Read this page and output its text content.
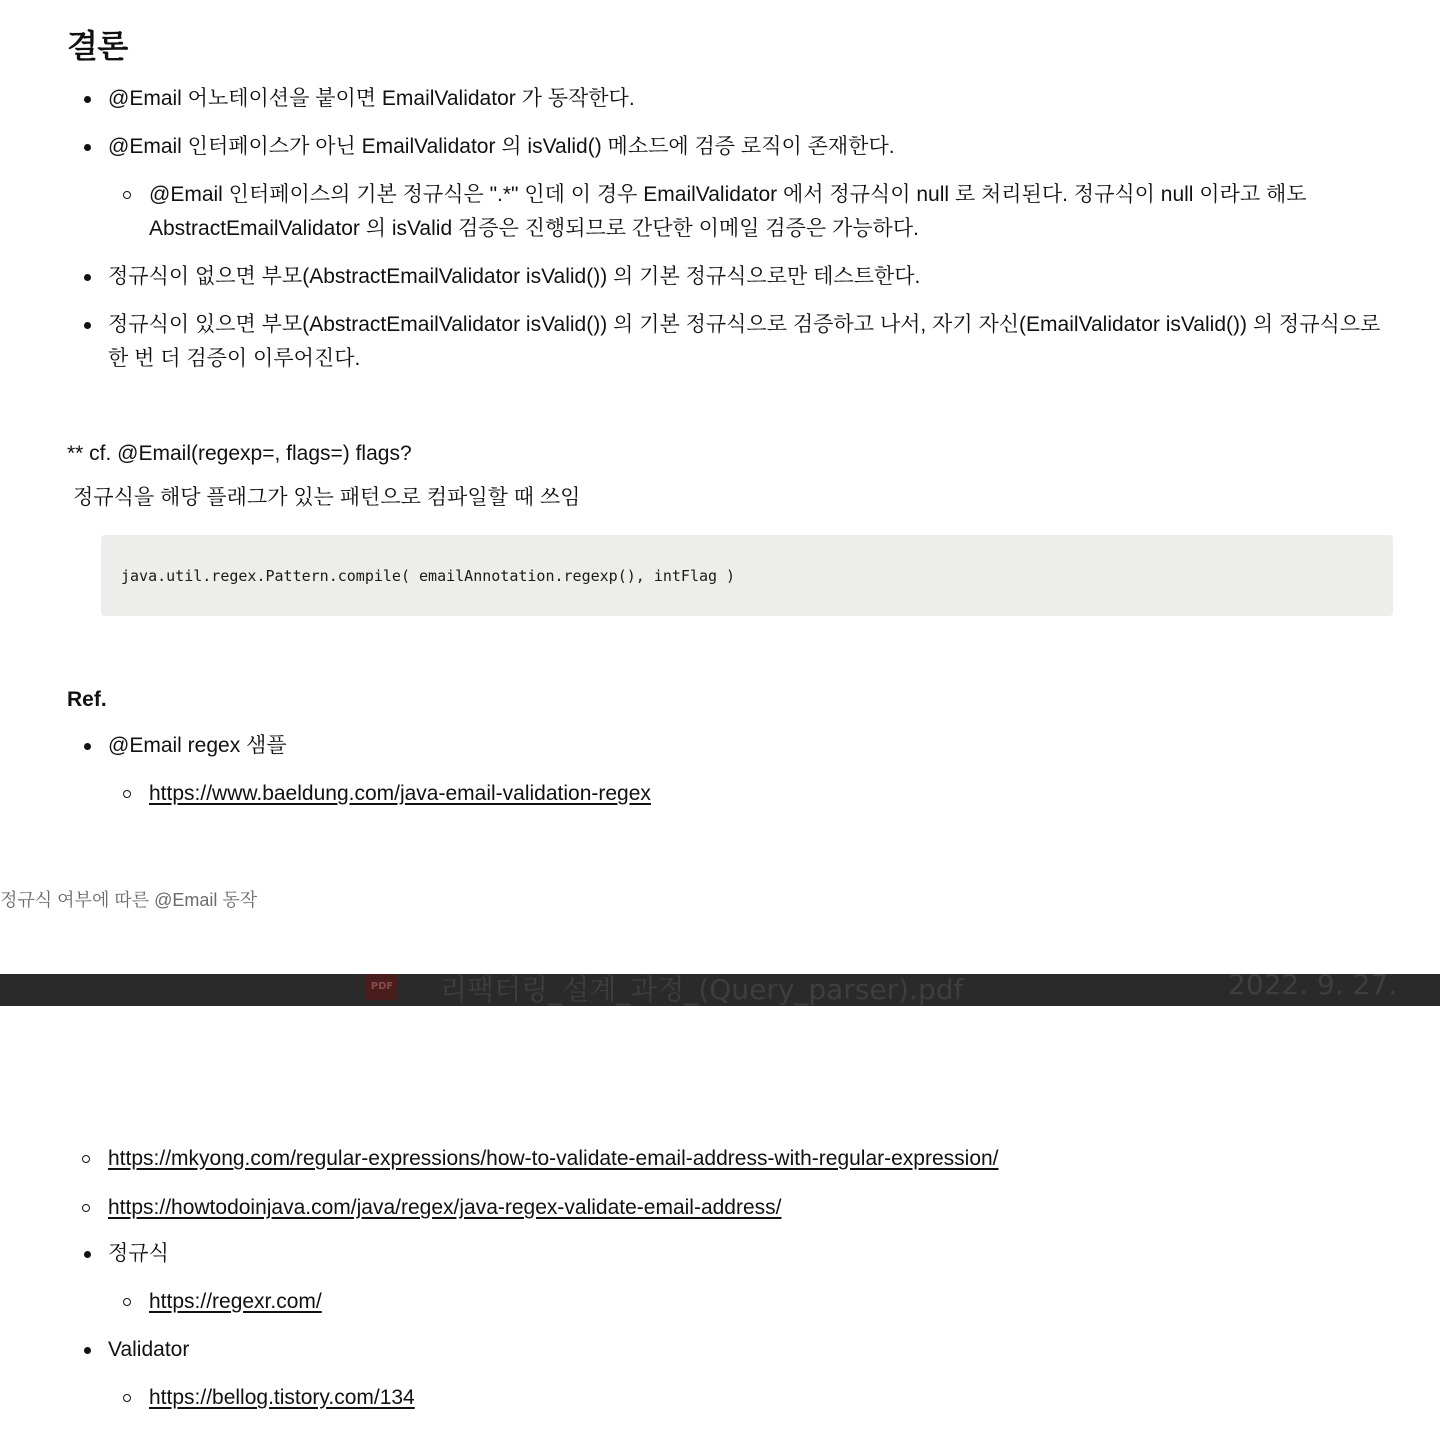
결론
@Email 어노테이션을 붙이면 EmailValidator 가 동작한다.
@Email 인터페이스가 아닌 EmailValidator 의 isValid() 메소드에 검증 로직이 존재한다.
@Email 인터페이스의 기본 정규식은 ".*" 인데 이 경우 EmailValidator 에서 정규식이 null 로 처리된다. 정규식이 null 이라고 해도 AbstractEmailValidator 의 isValid 검증은 진행되므로 간단한 이메일 검증은 가능하다.
정규식이 없으면 부모(AbstractEmailValidator isValid()) 의 기본 정규식으로만 테스트한다.
정규식이 있으면 부모(AbstractEmailValidator isValid()) 의 기본 정규식으로 검증하고 나서, 자기 자신(EmailValidator isValid()) 의 정규식으로 한 번 더 검증이 이루어진다.
** cf. @Email(regexp=, flags=) flags?
정규식을 해당 플래그가 있는 패턴으로 컴파일할 때 쓰임
java.util.regex.Pattern.compile( emailAnnotation.regexp(), intFlag )
Ref.
@Email regex 샘플
https://www.baeldung.com/java-email-validation-regex
정규식 여부에 따른 @Email 동작
PDF 리팩터링_설계_과정_(Query_parser).pdf	2022. 9. 27.
https://mkyong.com/regular-expressions/how-to-validate-email-address-with-regular-expression/
https://howtodoinjava.com/java/regex/java-regex-validate-email-address/
정규식
https://regexr.com/
Validator
https://bellog.tistory.com/134
